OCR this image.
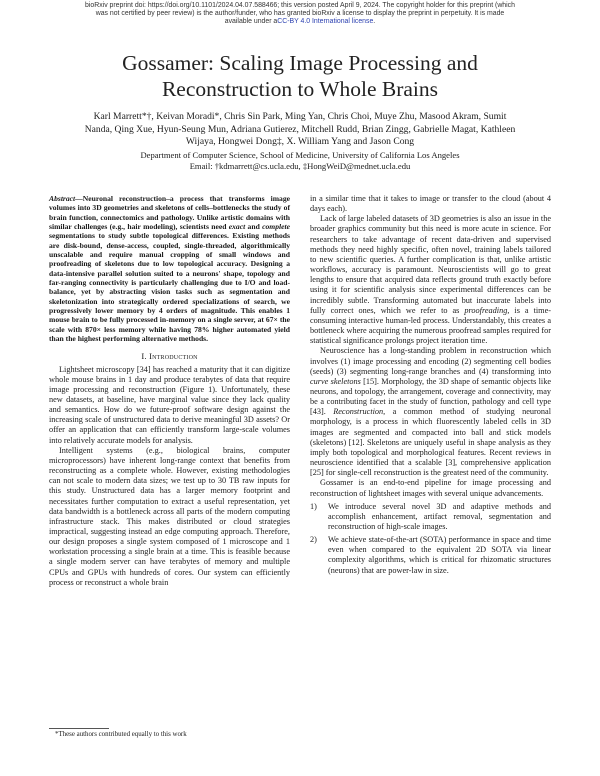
bioRxiv preprint doi: https://doi.org/10.1101/2024.04.07.588466; this version posted April 9, 2024. The copyright holder for this preprint (which
was not certified by peer review) is the author/funder, who has granted bioRxiv a license to display the preprint in perpetuity. It is made
available under aCC-BY 4.0 International license.
Gossamer: Scaling Image Processing and
Reconstruction to Whole Brains
Karl Marrett*†, Keivan Moradi*, Chris Sin Park, Ming Yan, Chris Choi, Muye Zhu, Masood Akram, Sumit
Nanda, Qing Xue, Hyun-Seung Mun, Adriana Gutierez, Mitchell Rudd, Brian Zingg, Gabrielle Magat, Kathleen
Wijaya, Hongwei Dong‡, X. William Yang and Jason Cong
Department of Computer Science, School of Medicine, University of California Los Angeles
Email: †kdmarrett@cs.ucla.edu, ‡HongWeiD@mednet.ucla.edu

Abstract—Neuronal reconstruction–a process that transforms image volumes into 3D geometries and skeletons of cells–bottlenecks the study of brain function, connectomics and pathology. Unlike artistic domains with similar challenges (e.g., hair modeling), scientists need exact and complete segmentations to study subtle topological differences. Existing methods are disk-bound, dense-access, coupled, single-threaded, algorithmically unscalable and require manual cropping of small windows and proofreading of skeletons due to low topological accuracy. Designing a data-intensive parallel solution suited to a neurons' shape, topology and far-ranging connectivity is particularly challenging due to I/O and load-balance, yet by abstracting vision tasks such as segmentation and skeletonization into strategically ordered specializations of search, we progressively lower memory by 4 orders of magnitude. This enables 1 mouse brain to be fully processed in-memory on a single server, at 67× the scale with 870× less memory while having 78% higher automated yield than the highest performing alternative methods.

I. Introduction

Lightsheet microscopy [34] has reached a maturity that it can digitize whole mouse brains in 1 day and produce terabytes of data that require image processing and reconstruction (Figure 1). Unfortunately, these new datasets, at baseline, have marginal value since they lack quality and semantics. How do we future-proof software design against the increasing scale of unstructured data to derive meaningful 3D assets? Or offer an application that can efficiently transform large-scale volumes into relatively accurate models for analysis.

Intelligent systems (e.g., biological brains, computer microprocessors) have inherent long-range context that benefits from reconstructing as a complete whole. However, existing methodologies can not scale to modern data sizes; we test up to 30 TB raw inputs for this study. Unstructured data has a larger memory footprint and necessitates further computation to extract a useful representation, yet data bandwidth is a bottleneck across all parts of the modern computing infrastructure stack. This makes distributed or cloud strategies impractical, suggesting instead an edge computing approach. Therefore, our design proposes a single system composed of 1 microscope and 1 workstation processing a single brain at a time. This is feasible because a single modern server can have terabytes of memory and multiple CPUs and GPUs with hundreds of cores. Our system can efficiently process or reconstruct a whole brain

in a similar time that it takes to image or transfer to the cloud (about 4 days each).

Lack of large labeled datasets of 3D geometries is also an issue in the broader graphics community but this need is more acute in science. For researchers to take advantage of recent data-driven and supervised methods they need highly specific, often novel, training labels tailored to new scientific queries. A further complication is that, unlike artistic workflows, accuracy is paramount. Neuroscientists will go to great lengths to ensure that acquired data reflects ground truth exactly before using it for scientific analysis since experimental differences can be incredibly subtle. Transforming automated but inaccurate labels into fully correct ones, which we refer to as proofreading, is a time-consuming interactive human-led process. Understandably, this creates a bottleneck where acquiring the numerous proofread samples required for statistical significance prolongs project iteration time.

Neuroscience has a long-standing problem in reconstruction which involves (1) image processing and encoding (2) segmenting cell bodies (seeds) (3) segmenting long-range branches and (4) transforming into curve skeletons [15]. Morphology, the 3D shape of semantic objects like neurons, and topology, the arrangement, coverage and connectivity, may be a contributing facet in the study of function, pathology and cell type [43]. Reconstruction, a common method of studying neuronal morphology, is a process in which fluorescently labeled cells in 3D images are segmented and compacted into ball and stick models (skeletons) [12]. Skeletons are uniquely useful in shape analysis as they imply both topological and morphological features. Recent reviews in neuroscience identified that a scalable [3], comprehensive application [25] for single-cell reconstruction is the greatest need of the community.

Gossamer is an end-to-end pipeline for image processing and reconstruction of lightsheet images with several unique advancements.

1)	We introduce several novel 3D and adaptive methods and accomplish enhancement, artifact removal, segmentation and reconstruction of high-scale images.
2)	We achieve state-of-the-art (SOTA) performance in space and time even when compared to the equivalent 2D SOTA via linear complexity algorithms, which is critical for rhizomatic structures (neurons) that are power-law in size.
*These authors contributed equally to this work
